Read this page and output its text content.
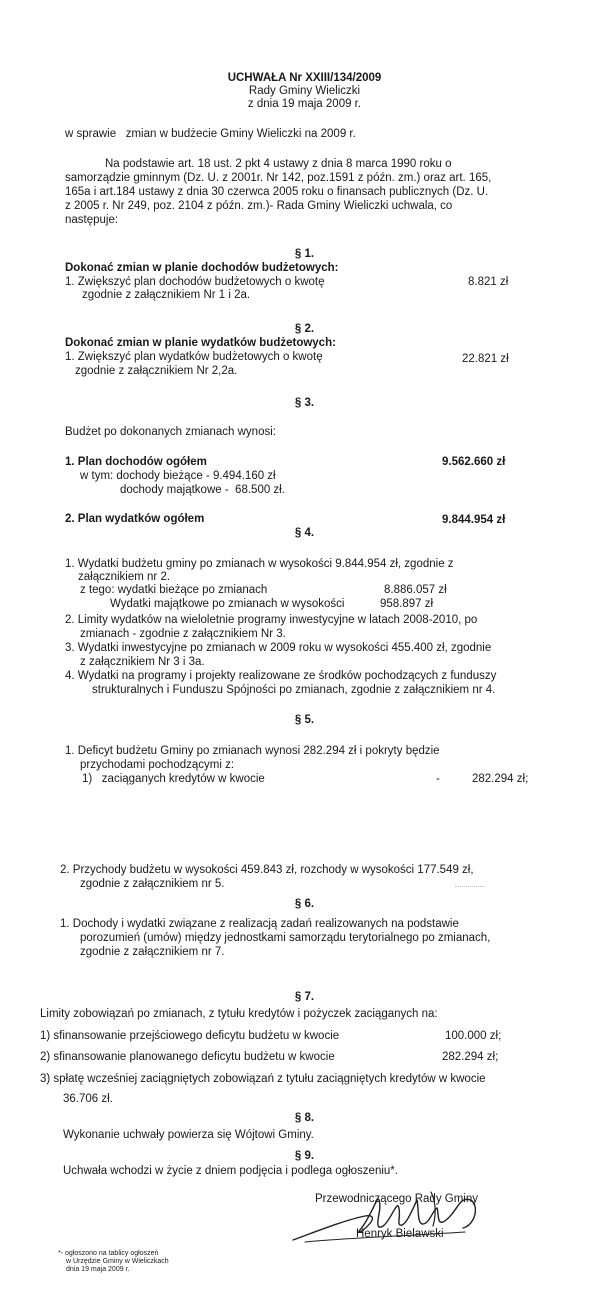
UCHWAŁA Nr XXIII/134/2009
Rady Gminy Wieliczki
z dnia 19 maja 2009 r.
w sprawie   zmian w budżecie Gminy Wieliczki na 2009 r.
Na podstawie art. 18 ust. 2 pkt 4 ustawy z dnia 8 marca 1990 roku o
samorządzie gminnym (Dz. U. z 2001r. Nr 142, poz.1591 z późn. zm.) oraz art. 165,
165a i art.184 ustawy z dnia 30 czerwca 2005 roku o finansach publicznych (Dz. U.
z 2005 r. Nr 249, poz. 2104 z późn. zm.)- Rada Gminy Wieliczki uchwala, co
następuje:
§ 1.
Dokonać zmian w planie dochodów budżetowych:
1. Zwiększyć plan dochodów budżetowych o kwotę
zgodnie z załącznikiem Nr 1 i 2a.
8.821 zł
§ 2.
Dokonać zmian w planie wydatków budżetowych:
1. Zwiększyć plan wydatków budżetowych o kwotę
zgodnie z załącznikiem Nr 2,2a.
22.821 zł
§ 3.
Budżet po dokonanych zmianach wynosi:
1. Plan dochodów ogółem	9.562.660 zł
w tym: dochody bieżące - 9.494.160 zł
dochody majątkowe -  68.500 zł.
2. Plan wydatków ogółem	9.844.954 zł
§ 4.
1. Wydatki budżetu gminy po zmianach w wysokości 9.844.954 zł, zgodnie z
załącznikiem nr 2.
z tego: wydatki bieżące po zmianach	8.886.057 zł
Wydatki majątkowe po zmianach w wysokości	958.897 zł
2. Limity wydatków na wieloletnie programy inwestycyjne w latach 2008-2010, po
zmianach - zgodnie z załącznikiem Nr 3.
3. Wydatki inwestycyjne po zmianach w 2009 roku w wysokości 455.400 zł, zgodnie
z załącznikiem Nr 3 i 3a.
4. Wydatki na programy i projekty realizowane ze środków pochodzących z funduszy
strukturalnych i Funduszu Spójności po zmianach, zgodnie z załącznikiem nr 4.
§ 5.
1. Deficyt budżetu Gminy po zmianach wynosi 282.294 zł i pokryty będzie
przychodami pochodzącymi z:
1)   zaciąganych kredytów w kwocie	-	282.294 zł;
2. Przychody budżetu w wysokości 459.843 zł, rozchody w wysokości 177.549 zł,
zgodnie z załącznikiem nr 5.
§ 6.
1. Dochody i wydatki związane z realizacją zadań realizowanych na podstawie
porozumień (umów) między jednostkami samorządu terytorialnego po zmianach,
zgodnie z załącznikiem nr 7.
§ 7.
Limity zobowiązań po zmianach, z tytułu kredytów i pożyczek zaciąganych na:
1) sfinansowanie przejściowego deficytu budżetu w kwocie	100.000 zł;
2) sfinansowanie planowanego deficytu budżetu w kwocie	282.294 zł;
3) spłatę wcześniej zaciągniętych zobowiązań z tytułu zaciągniętych kredytów w kwocie
36.706 zł.
§ 8.
Wykonanie uchwały powierza się Wójtowi Gminy.
§ 9.
Uchwała wchodzi w życie z dniem podjęcia i podlega ogłoszeniu*.
Przewodniczącego Rady Gminy
Henryk Bielawski
*- ogłoszono na tablicy ogłoszeń
w Urzędzie Gminy w Wieliczkach
dnia 19 maja 2009 r.
